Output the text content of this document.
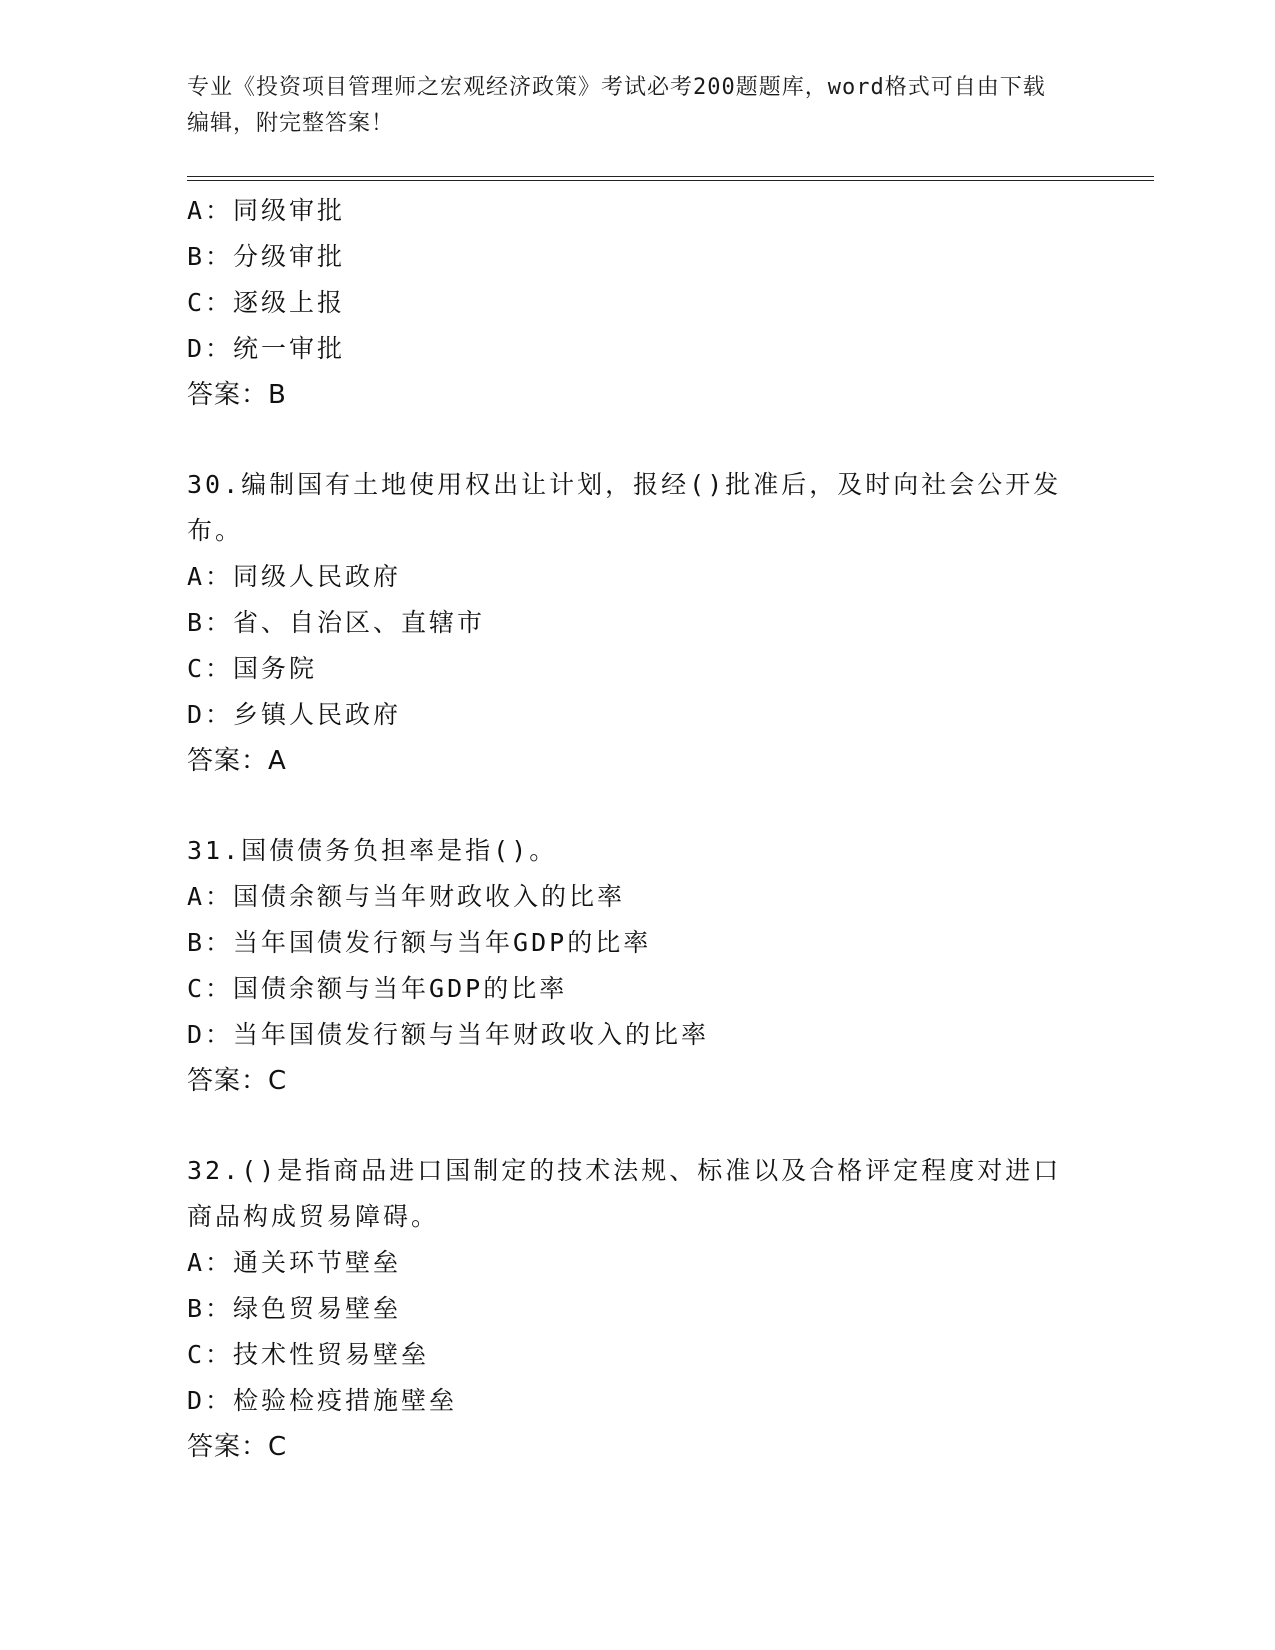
专业《投资项目管理师之宏观经济政策》考试必考200题题库，word格式可自由下载编辑，附完整答案！

A：同级审批

B：分级审批

C：逐级上报

D：统一审批

答案：B

30.编制国有土地使用权出让计划，报经()批准后，及时向社会公开发布。

A：同级人民政府

B：省、自治区、直辖市

C：国务院

D：乡镇人民政府

答案：A

31.国债债务负担率是指()。

A：国债余额与当年财政收入的比率

B：当年国债发行额与当年GDP的比率

C：国债余额与当年GDP的比率

D：当年国债发行额与当年财政收入的比率

答案：C

32.()是指商品进口国制定的技术法规、标准以及合格评定程度对进口商品构成贸易障碍。

A：通关环节壁垒

B：绿色贸易壁垒

C：技术性贸易壁垒

D：检验检疫措施壁垒

答案：C
